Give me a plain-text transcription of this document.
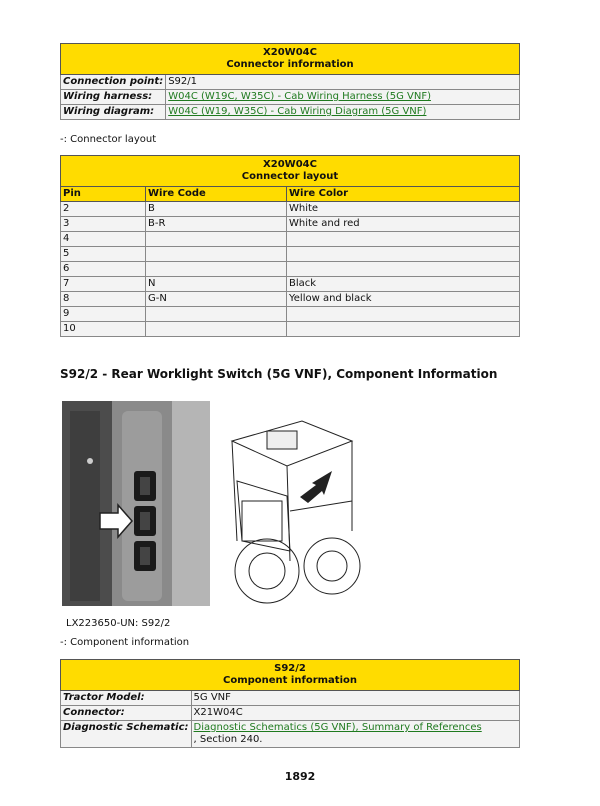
X20W04C
Connector information	

Connection point:	S92/1
Wiring harness:	W04C (W19C, W35C) - Cab Wiring Harness (5G VNF)
Wiring diagram:	W04C (W19, W35C) - Cab Wiring Diagram (5G VNF)
-: Connector layout
X20W04C
Connector layout		

Pin	Wire Code	Wire Color
2	B	White
3	B-R	White and red
4		
5		
6		
7	N	Black
8	G-N	Yellow and black
9		
10		
S92/2 - Rear Worklight Switch (5G VNF), Component Information
LX223650-UN: S92/2
-: Component information
S92/2
Component information	

Tractor Model:	5G VNF
Connector:	X21W04C
Diagnostic Schematic:	Diagnostic Schematics (5G VNF), Summary of References
, Section 240.
1892
